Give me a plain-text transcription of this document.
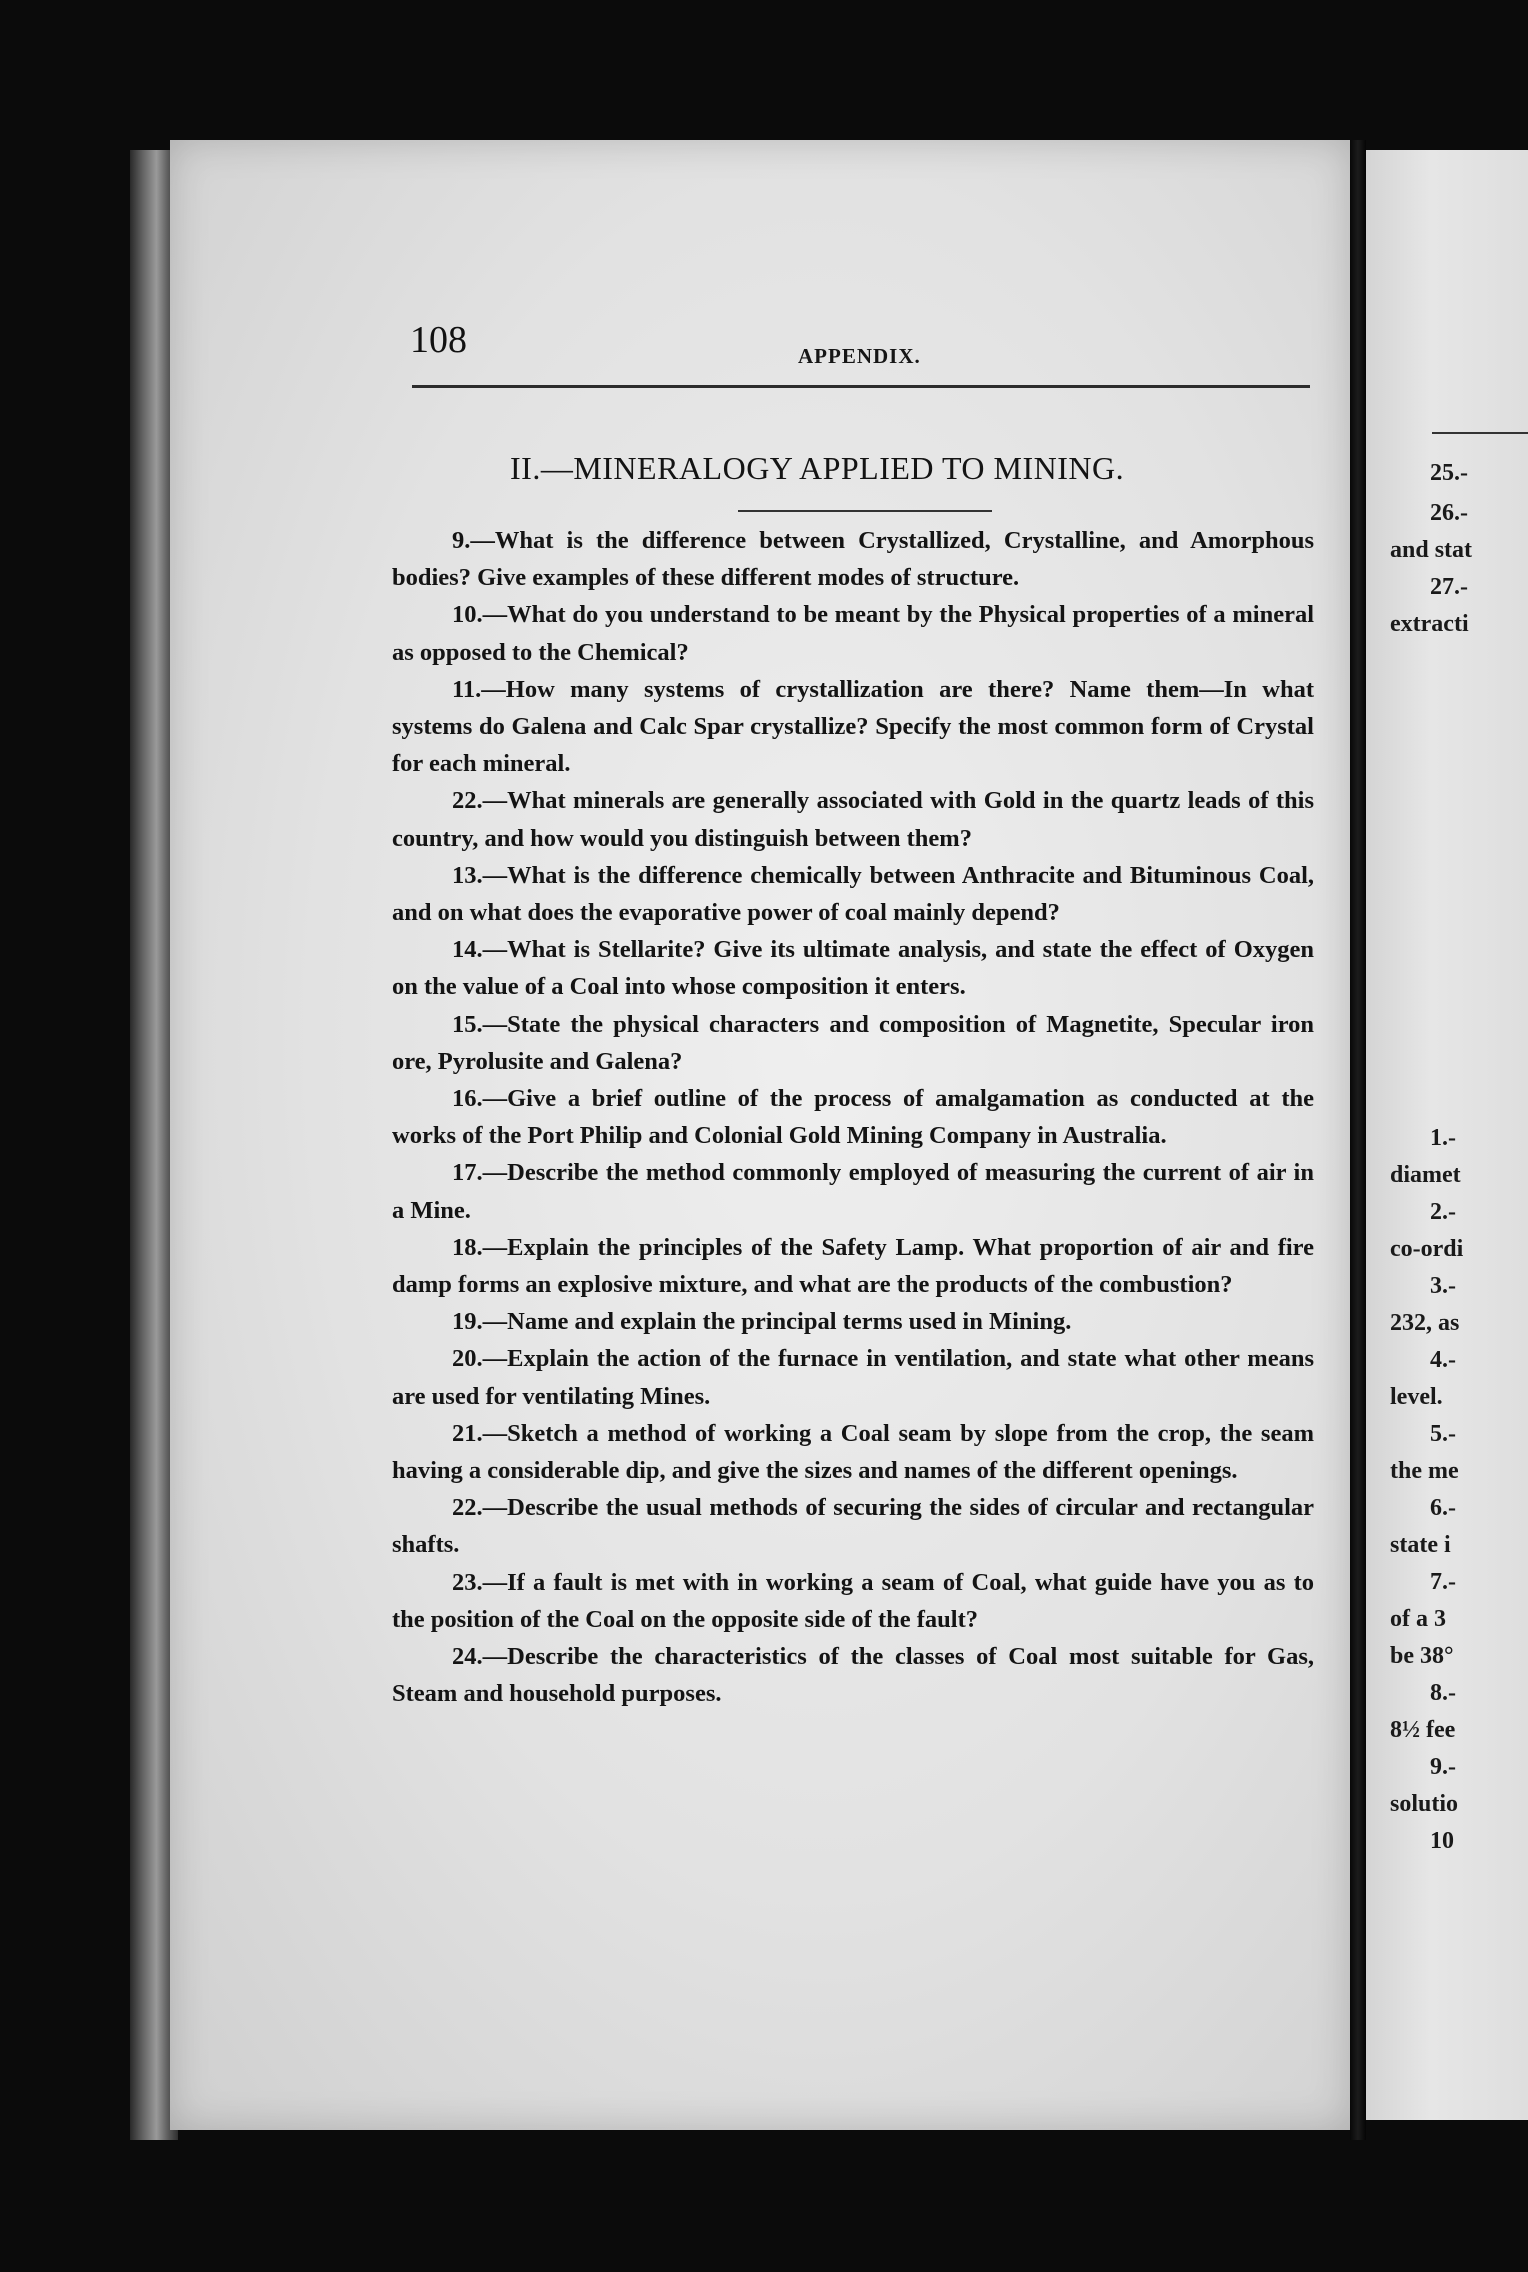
108	APPENDIX.
II.—MINERALOGY APPLIED TO MINING.

9.—What is the difference between Crystallized, Crystalline, and Amorphous bodies? Give examples of these different modes of structure.

10.—What do you understand to be meant by the Physical properties of a mineral as opposed to the Chemical?

11.—How many systems of crystallization are there? Name them—In what systems do Galena and Calc Spar crystallize? Specify the most common form of Crystal for each mineral.

22.—What minerals are generally associated with Gold in the quartz leads of this country, and how would you distinguish between them?

13.—What is the difference chemically between Anthracite and Bituminous Coal, and on what does the evaporative power of coal mainly depend?

14.—What is Stellarite? Give its ultimate analysis, and state the effect of Oxygen on the value of a Coal into whose composition it enters.

15.—State the physical characters and composition of Magnetite, Specular iron ore, Pyrolusite and Galena?

16.—Give a brief outline of the process of amalgamation as conducted at the works of the Port Philip and Colonial Gold Mining Company in Australia.

17.—Describe the method commonly employed of measuring the current of air in a Mine.

18.—Explain the principles of the Safety Lamp. What proportion of air and fire damp forms an explosive mixture, and what are the products of the combustion?

19.—Name and explain the principal terms used in Mining.

20.—Explain the action of the furnace in ventilation, and state what other means are used for ventilating Mines.

21.—Sketch a method of working a Coal seam by slope from the crop, the seam having a considerable dip, and give the sizes and names of the different openings.

22.—Describe the usual methods of securing the sides of circular and rectangular shafts.

23.—If a fault is met with in working a seam of Coal, what guide have you as to the position of the Coal on the opposite side of the fault?

24.—Describe the characteristics of the classes of Coal most suitable for Gas, Steam and household purposes.

25.-
26.-
and stat
27.-
extracti
1.-
diamet
2.-
co-ordi
3.-
232, as
4.-
level.
5.-
the me
6.-
state i
7.-
of a 3
be 38°
8.-
8½ fee
9.-
solutio
10
